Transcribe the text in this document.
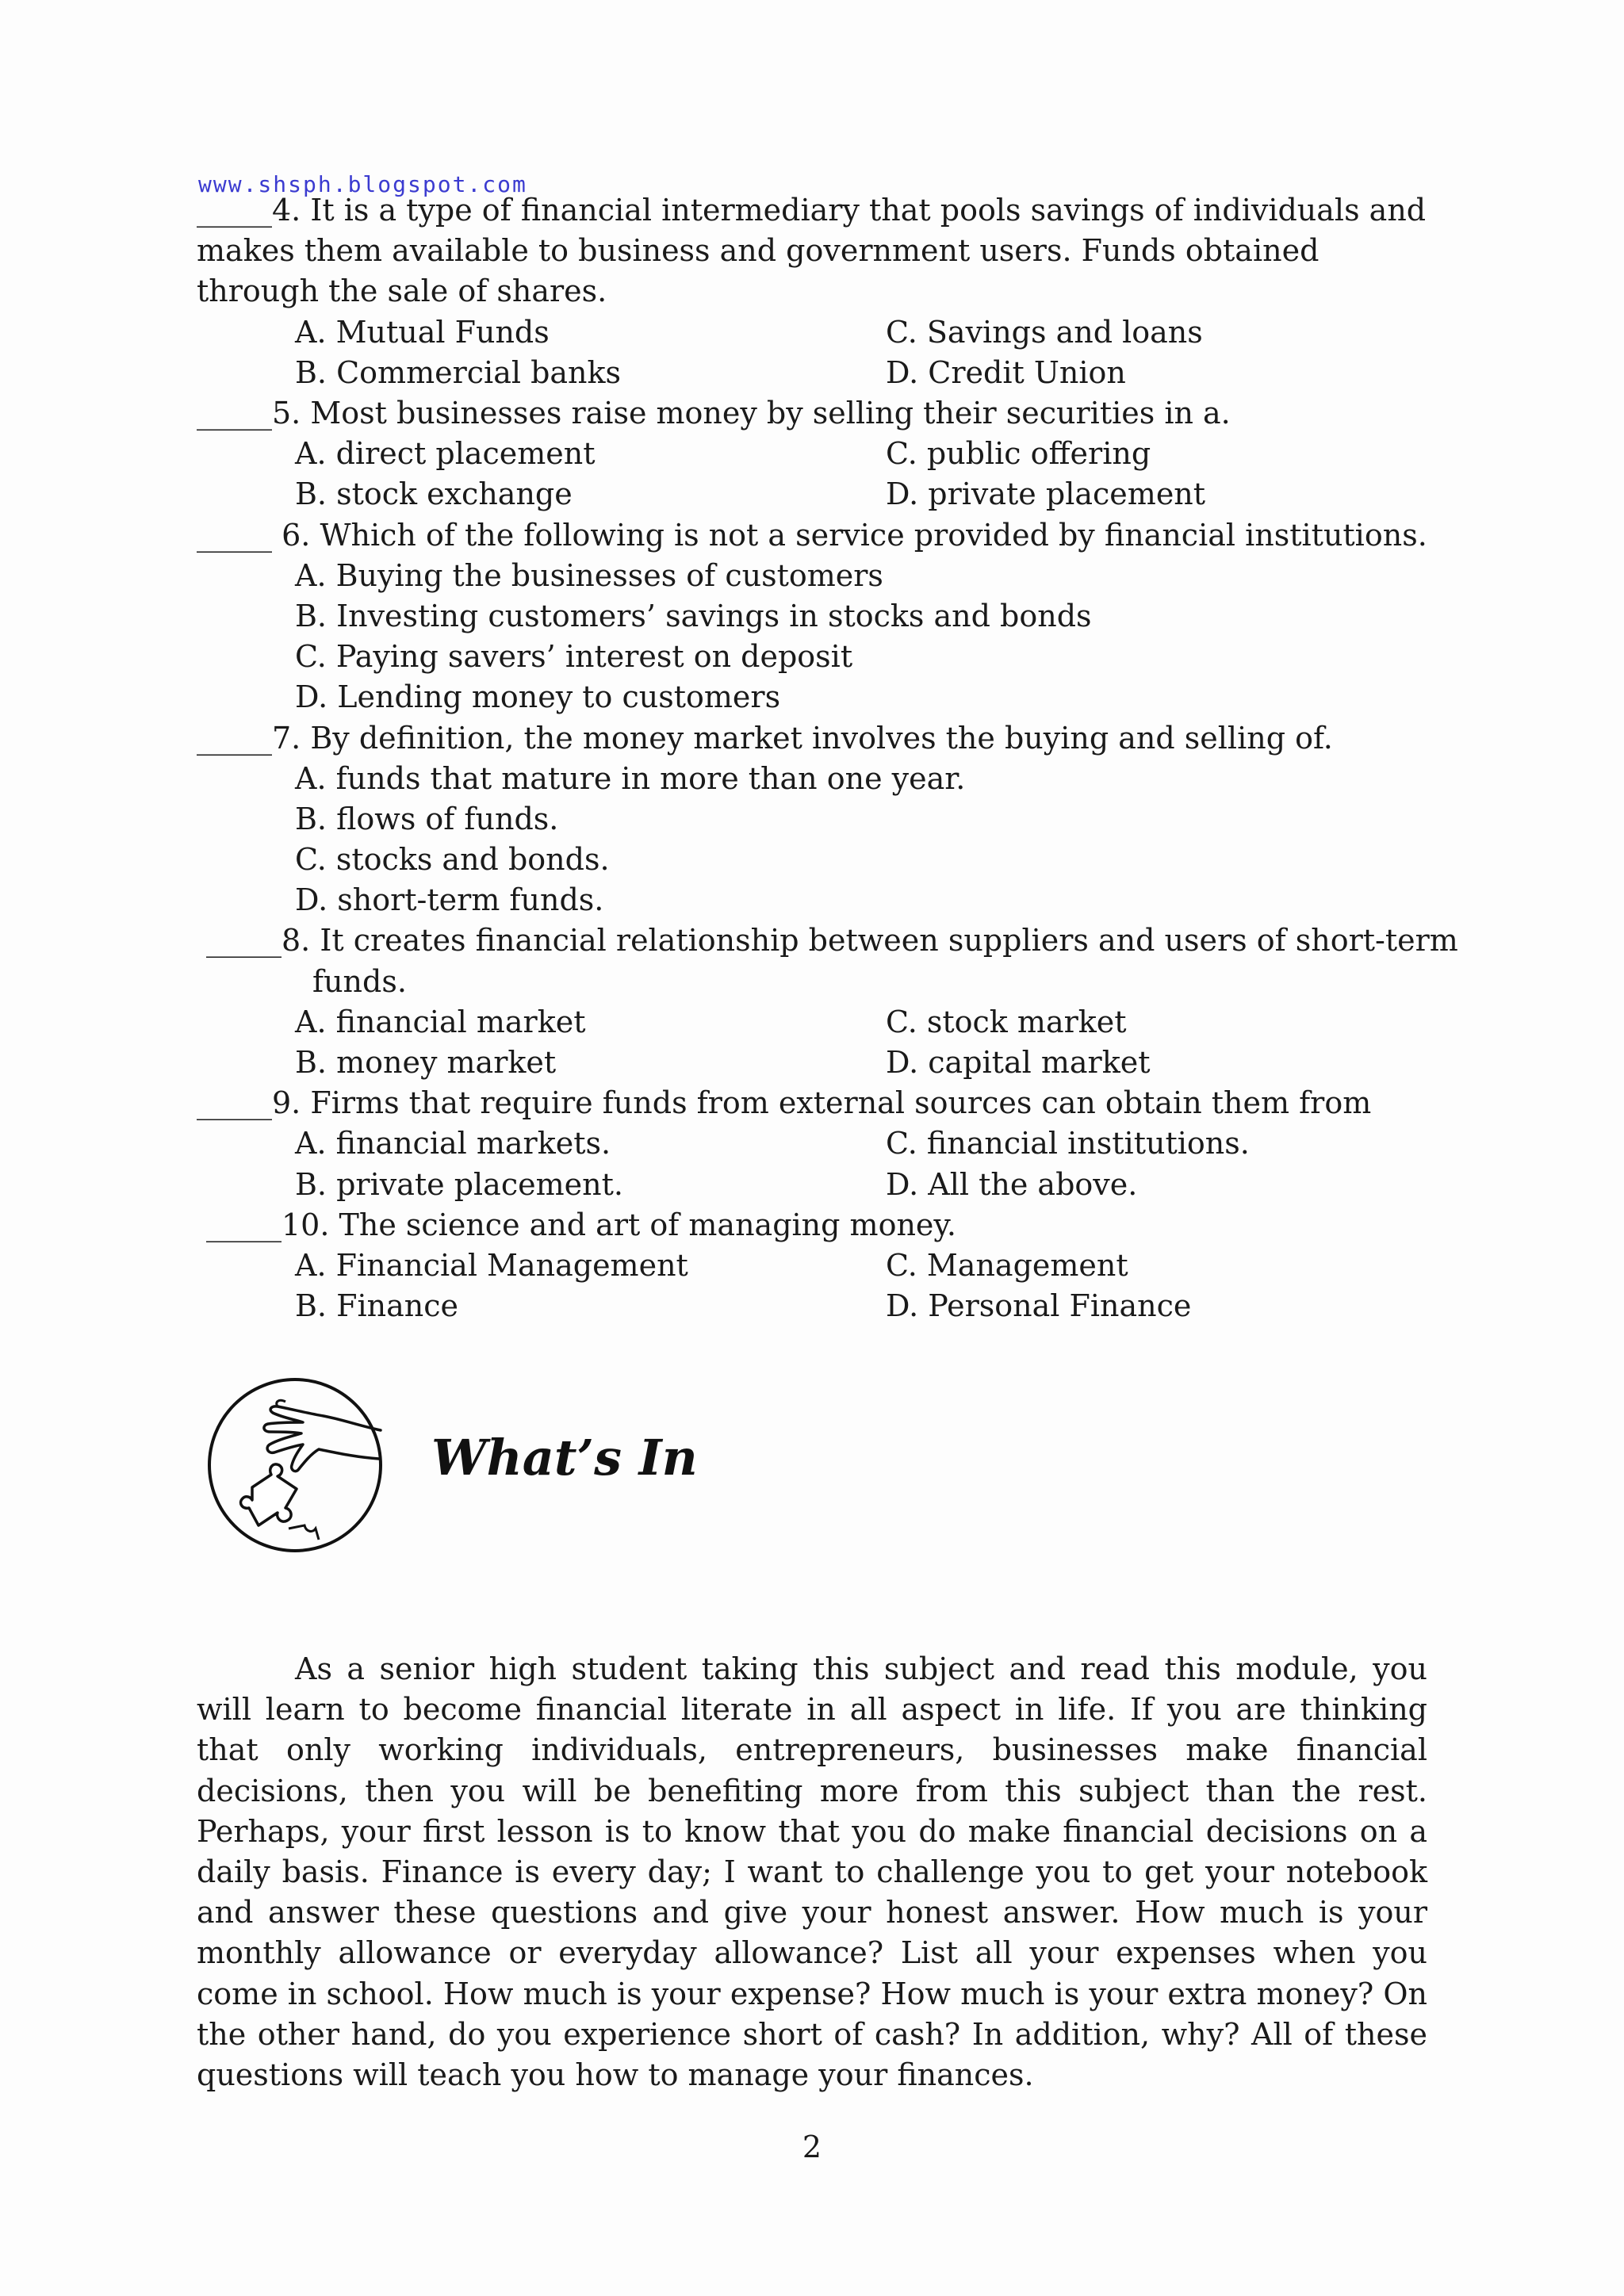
www.shsph.blogspot.com
_____4. It is a type of financial intermediary that pools savings of individuals and makes them available to business and government users. Funds obtained through the sale of shares.
A. Mutual Funds
B. Commercial banks
C. Savings and loans
D. Credit Union
_____5. Most businesses raise money by selling their securities in a.
A. direct placement
B. stock exchange
C. public offering
D. private placement
_____ 6. Which of the following is not a service provided by financial institutions.
A. Buying the businesses of customers
B. Investing customers’ savings in stocks and bonds
C. Paying savers’ interest on deposit
D. Lending money to customers
_____7. By definition, the money market involves the buying and selling of.
A. funds that mature in more than one year.
B. flows of funds.
C. stocks and bonds.
D. short-term funds.
_____8. It creates financial relationship between suppliers and users of short-term
funds.
A. financial market
B. money market
C. stock market
D. capital market
_____9. Firms that require funds from external sources can obtain them from
A. financial markets.
B. private placement.
C. financial institutions.
D. All the above.
_____10. The science and art of managing money.
A. Financial Management
B. Finance
C. Management
D. Personal Finance
What’s In

As a senior high student taking this subject and read this module, you will learn to become financial literate in all aspect in life. If you are thinking that only working individuals, entrepreneurs, businesses make financial decisions, then you will be benefiting more from this subject than the rest. Perhaps, your first lesson is to know that you do make financial decisions on a daily basis. Finance is every day; I want to challenge you to get your notebook and answer these questions and give your honest answer. How much is your monthly allowance or everyday allowance? List all your expenses when you come in school. How much is your expense? How much is your extra money? On the other hand, do you experience short of cash? In addition, why? All of these questions will teach you how to manage your finances.

2
